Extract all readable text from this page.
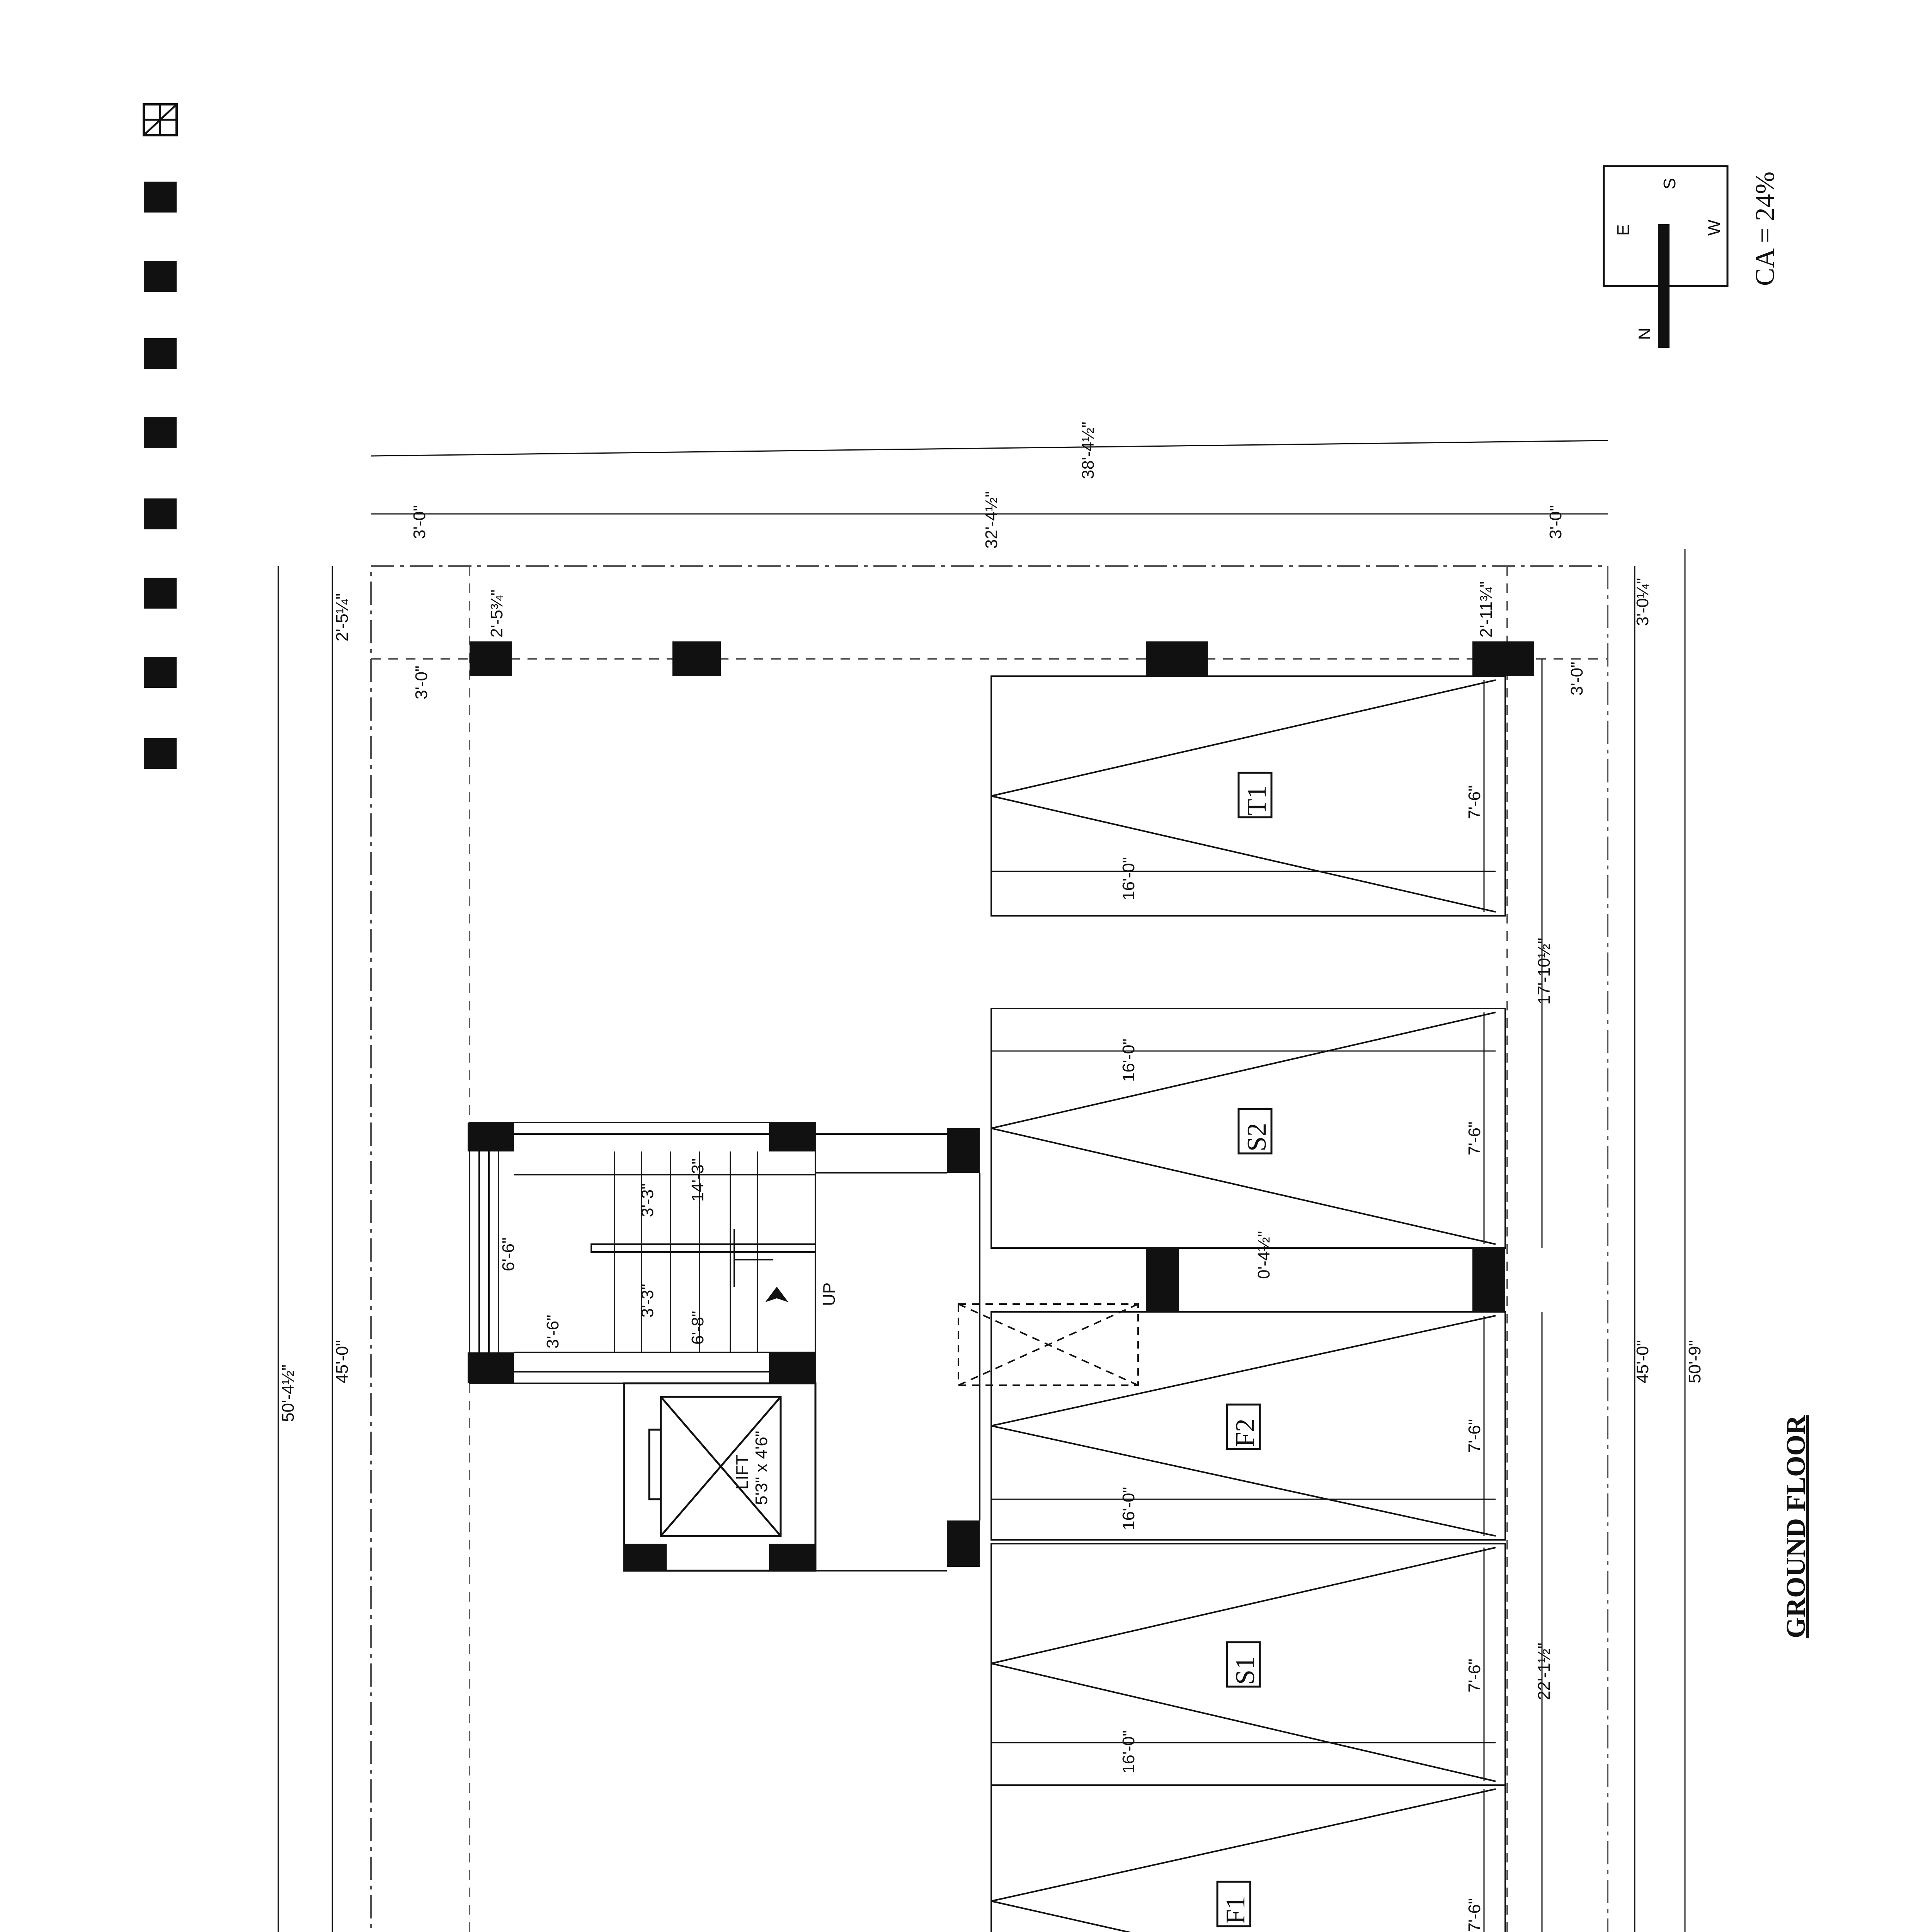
N
E
S
W CA = 24%
UP
LIFT 5'3" x 4'6"
T1
S2
F2
S1
F1
38'-4½"
32'-4½"
3'-0"	3'-0"
50'-4½"
45'-0"
2'-5¼"
50'-9"
45'-0"
3'-0¼"
3'-0"
2'-5¾"	2'-11¾"
3'-0"
17'-10½"
22'-1½"
0'-4½"
16'-0"
7'-6"
16'-0"
7'-6"
16'-0"
7'-6"
16'-0"
7'-6"
7'-6"
6'-6"
3'-6"
3'-3"
3'-3"
14'-3"
6'-8"
GROUND FLOOR
